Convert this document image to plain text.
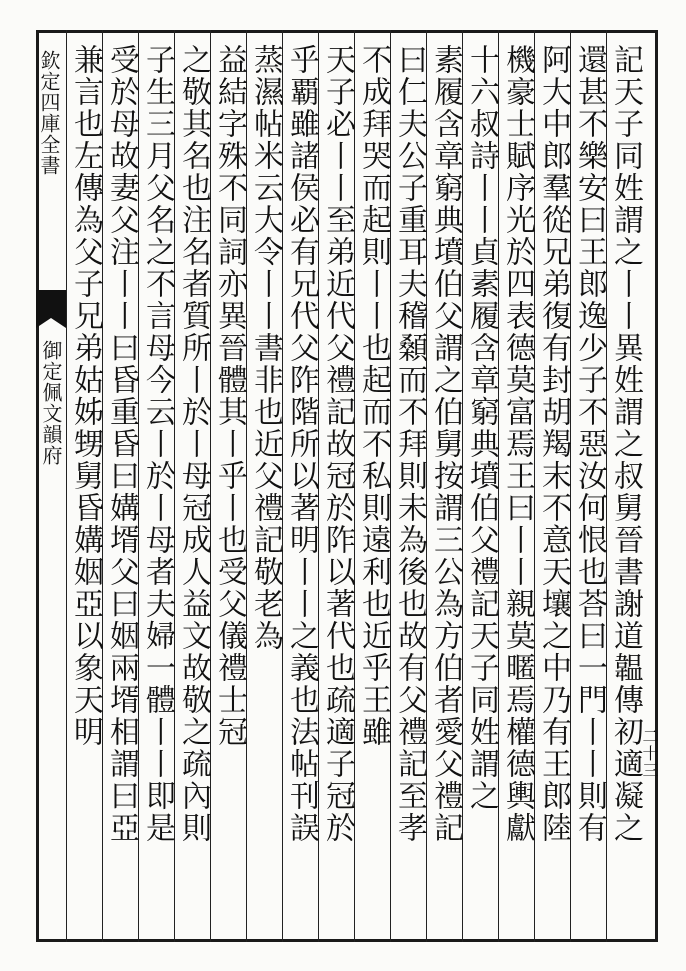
欽定四庫全書
御定佩文韻府
二十三
記天子同姓謂之丨丨異姓謂之叔舅晉書謝道韞傳初適凝之
還甚不樂安曰王郎逸少子不惡汝何恨也荅曰一門丨丨則有
阿大中郎羣從兄弟復有封胡羯末不意天壤之中乃有王郎陸
機豪士賦序光於四表德莫富焉王曰丨丨親莫暱焉權德輿獻
十六叔詩丨丨貞素履含章窮典墳伯父禮記天子同姓謂之
素履含章窮典墳伯父謂之伯舅按謂三公為方伯者愛父禮記
曰仁夫公子重耳夫稽顙而不拜則未為後也故有父禮記至孝
不成拜哭而起則丨丨也起而不私則遠利也近乎王雖
天子必丨丨至弟近代父禮記故冠於阼以著代也疏適子冠於
乎覇雖諸侯必有兄代父阼階所以著明丨丨之義也法帖刊誤
蒸濕帖米云大令丨丨書非也近父禮記敬老為
益結字殊不同詞亦異晉體其丨乎丨也受父儀禮士冠
之敬其名也注名者質所丨於丨母冠成人益文故敬之疏內則
子生三月父名之不言母今云丨於丨母者夫婦一體丨丨即是
受於母故妻父注丨丨曰昏重昏曰媾壻父曰姻兩壻相謂曰亞
兼言也左傳為父子兄弟姑姊甥舅昏媾姻亞以象天明
